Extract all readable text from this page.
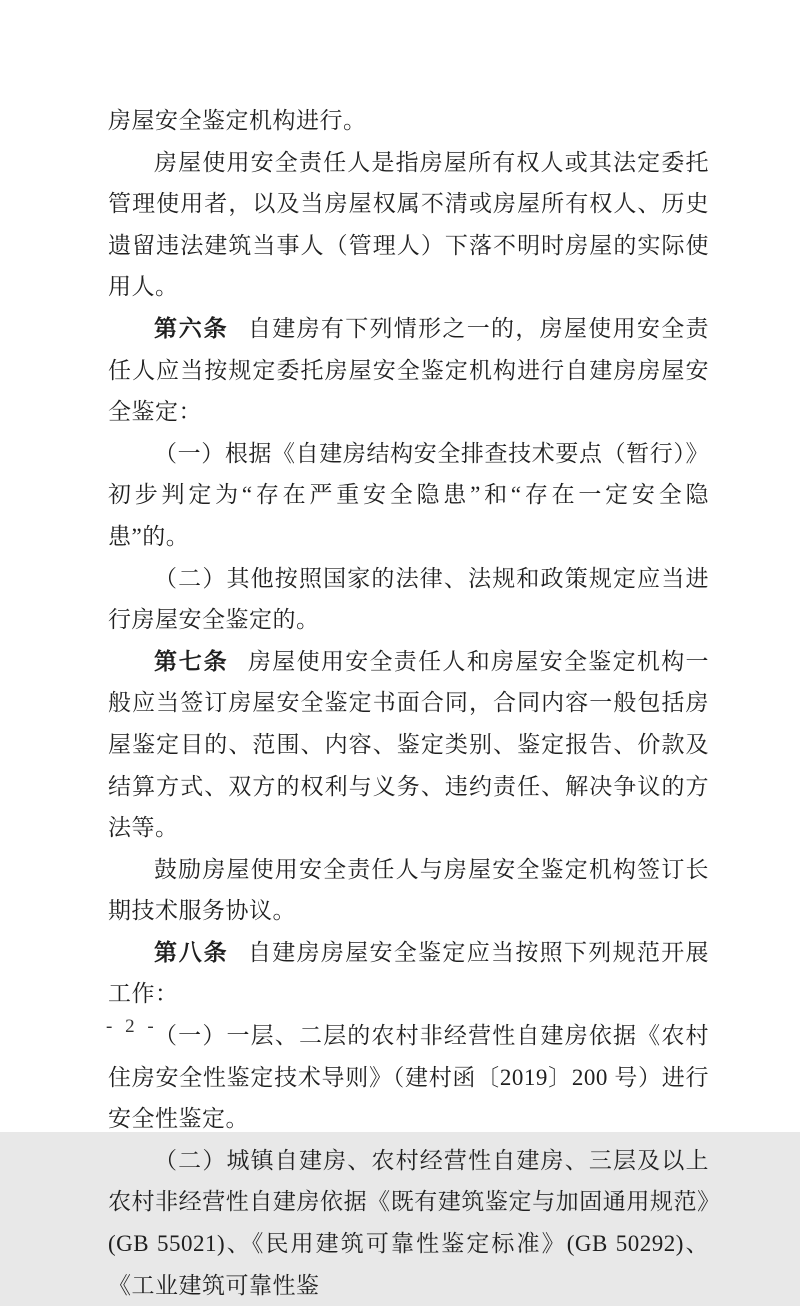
房屋安全鉴定机构进行。

房屋使用安全责任人是指房屋所有权人或其法定委托管理使用者，以及当房屋权属不清或房屋所有权人、历史遗留违法建筑当事人（管理人）下落不明时房屋的实际使用人。

第六条 自建房有下列情形之一的，房屋使用安全责任人应当按规定委托房屋安全鉴定机构进行自建房房屋安全鉴定：

（一）根据《自建房结构安全排查技术要点（暂行）》初步判定为“存在严重安全隐患”和“存在一定安全隐患”的。

（二）其他按照国家的法律、法规和政策规定应当进行房屋安全鉴定的。

第七条 房屋使用安全责任人和房屋安全鉴定机构一般应当签订房屋安全鉴定书面合同，合同内容一般包括房屋鉴定目的、范围、内容、鉴定类别、鉴定报告、价款及结算方式、双方的权利与义务、违约责任、解决争议的方法等。

鼓励房屋使用安全责任人与房屋安全鉴定机构签订长期技术服务协议。

第八条 自建房房屋安全鉴定应当按照下列规范开展工作：

（一）一层、二层的农村非经营性自建房依据《农村住房安全性鉴定技术导则》（建村函〔2019〕200 号）进行安全性鉴定。

（二）城镇自建房、农村经营性自建房、三层及以上农村非经营性自建房依据《既有建筑鉴定与加固通用规范》(GB 55021)、《民用建筑可靠性鉴定标准》(GB 50292)、《工业建筑可靠性鉴

- 2 -
